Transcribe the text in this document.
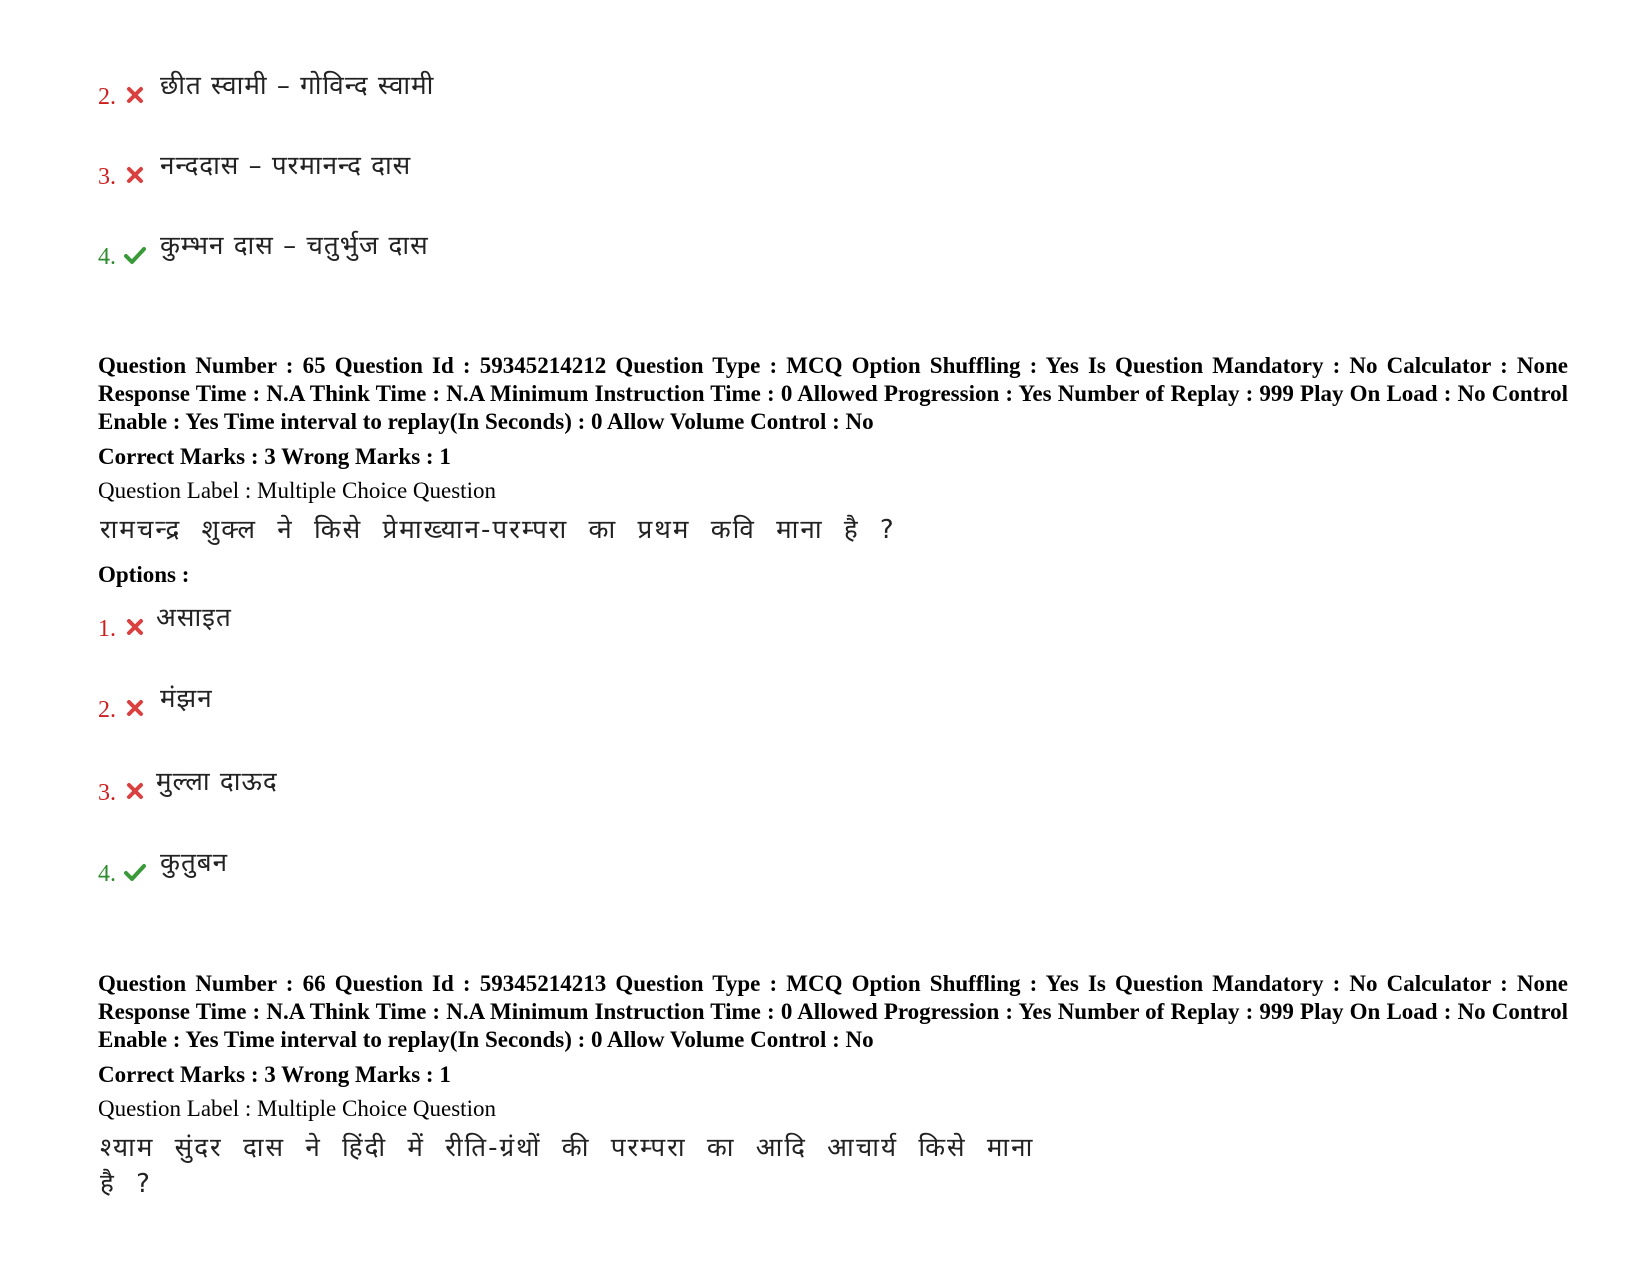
2. छीत स्वामी – गोविन्द स्वामी
3. नन्ददास – परमानन्द दास
4. कुम्भन दास – चतुर्भुज दास
Question Number : 65 Question Id : 59345214212 Question Type : MCQ Option Shuffling : Yes Is Question Mandatory : No Calculator : None Response Time : N.A Think Time : N.A Minimum Instruction Time : 0 Allowed Progression : Yes Number of Replay : 999 Play On Load : No Control Enable : Yes Time interval to replay(In Seconds) : 0 Allow Volume Control : No
Correct Marks : 3 Wrong Marks : 1
Question Label : Multiple Choice Question
रामचन्द्र शुक्ल ने किसे प्रेमाख्यान-परम्परा का प्रथम कवि माना है ?
Options :
1. असाइत
2. मंझन
3. मुल्ला दाऊद
4. कुतुबन
Question Number : 66 Question Id : 59345214213 Question Type : MCQ Option Shuffling : Yes Is Question Mandatory : No Calculator : None Response Time : N.A Think Time : N.A Minimum Instruction Time : 0 Allowed Progression : Yes Number of Replay : 999 Play On Load : No Control Enable : Yes Time interval to replay(In Seconds) : 0 Allow Volume Control : No
Correct Marks : 3 Wrong Marks : 1
Question Label : Multiple Choice Question
श्याम सुंदर दास ने हिंदी में रीति-ग्रंथों की परम्परा का आदि आचार्य किसे माना
है ?
